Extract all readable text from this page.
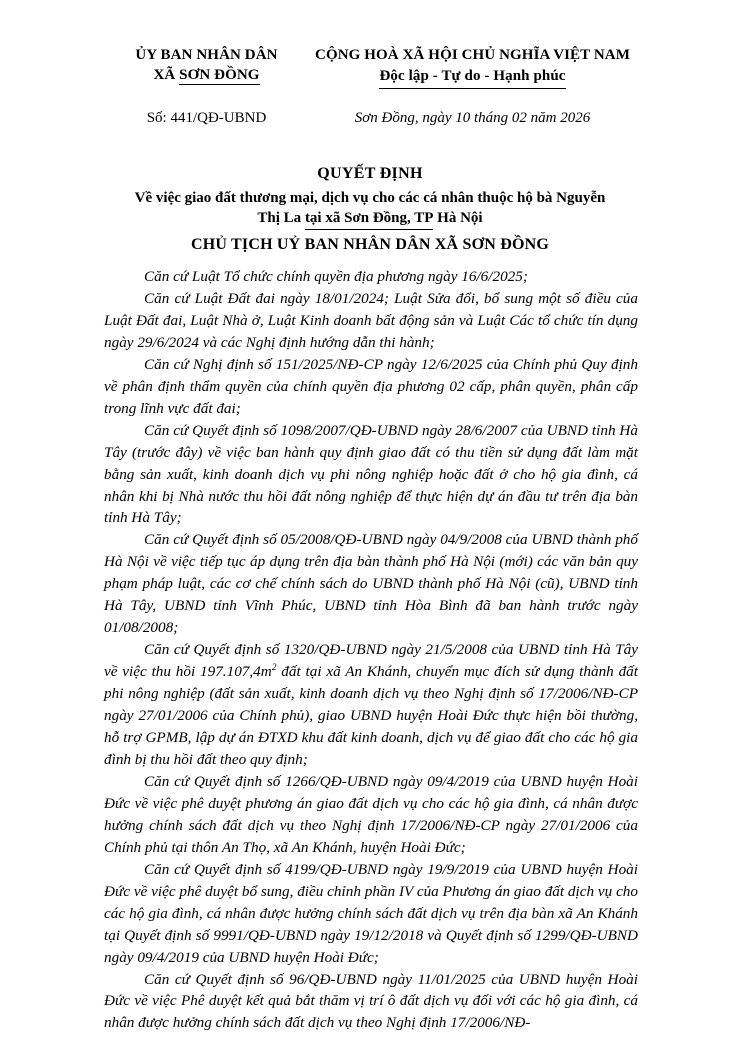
ỦY BAN NHÂN DÂN
XÃ SƠN ĐỒNG
CỘNG HOÀ XÃ HỘI CHỦ NGHĨA VIỆT NAM
Độc lập - Tự do - Hạnh phúc
Số: 441/QĐ-UBND	Sơn Đồng, ngày 10 tháng 02 năm 2026
QUYẾT ĐỊNH
Về việc giao đất thương mại, dịch vụ cho các cá nhân thuộc hộ bà Nguyễn
Thị La tại xã Sơn Đồng, TP Hà Nội
CHỦ TỊCH UỶ BAN NHÂN DÂN XÃ SƠN ĐỒNG

Căn cứ Luật Tổ chức chính quyền địa phương ngày 16/6/2025;

Căn cứ Luật Đất đai ngày 18/01/2024; Luật Sửa đổi, bổ sung một số điều của Luật Đất đai, Luật Nhà ở, Luật Kinh doanh bất động sản và Luật Các tổ chức tín dụng ngày 29/6/2024 và các Nghị định hướng dẫn thi hành;

Căn cứ Nghị định số 151/2025/NĐ-CP ngày 12/6/2025 của Chính phủ Quy định về phân định thẩm quyền của chính quyền địa phương 02 cấp, phân quyền, phân cấp trong lĩnh vực đất đai;

Căn cứ Quyết định số 1098/2007/QĐ-UBND ngày 28/6/2007 của UBND tỉnh Hà Tây (trước đây) về việc ban hành quy định giao đất có thu tiền sử dụng đất làm mặt bằng sản xuất, kinh doanh dịch vụ phi nông nghiệp hoặc đất ở cho hộ gia đình, cá nhân khi bị Nhà nước thu hồi đất nông nghiệp để thực hiện dự án đầu tư trên địa bàn tỉnh Hà Tây;

Căn cứ Quyết định số 05/2008/QĐ-UBND ngày 04/9/2008 của UBND thành phố Hà Nội về việc tiếp tục áp dụng trên địa bàn thành phố Hà Nội (mới) các văn bản quy phạm pháp luật, các cơ chế chính sách do UBND thành phố Hà Nội (cũ), UBND tỉnh Hà Tây, UBND tỉnh Vĩnh Phúc, UBND tỉnh Hòa Bình đã ban hành trước ngày 01/08/2008;

Căn cứ Quyết định số 1320/QĐ-UBND ngày 21/5/2008 của UBND tỉnh Hà Tây về việc thu hồi $197.107,4m^2$ đất tại xã An Khánh, chuyển mục đích sử dụng thành đất phi nông nghiệp (đất sản xuất, kinh doanh dịch vụ theo Nghị định số 17/2006/NĐ-CP ngày 27/01/2006 của Chính phủ), giao UBND huyện Hoài Đức thực hiện bồi thường, hỗ trợ GPMB, lập dự án ĐTXD khu đất kinh doanh, dịch vụ để giao đất cho các hộ gia đình bị thu hồi đất theo quy định;

Căn cứ Quyết định số 1266/QĐ-UBND ngày 09/4/2019 của UBND huyện Hoài Đức về việc phê duyệt phương án giao đất dịch vụ cho các hộ gia đình, cá nhân được hưởng chính sách đất dịch vụ theo Nghị định 17/2006/NĐ-CP ngày 27/01/2006 của Chính phủ tại thôn An Thọ, xã An Khánh, huyện Hoài Đức;

Căn cứ Quyết định số 4199/QĐ-UBND ngày 19/9/2019 của UBND huyện Hoài Đức về việc phê duyệt bổ sung, điều chỉnh phần IV của Phương án giao đất dịch vụ cho các hộ gia đình, cá nhân được hưởng chính sách đất dịch vụ trên địa bàn xã An Khánh tại Quyết định số 9991/QĐ-UBND ngày 19/12/2018 và Quyết định số 1299/QĐ-UBND ngày 09/4/2019 của UBND huyện Hoài Đức;

Căn cứ Quyết định số 96/QĐ-UBND ngày 11/01/2025 của UBND huyện Hoài Đức về việc Phê duyệt kết quả bắt thăm vị trí ô đất dịch vụ đối với các hộ gia đình, cá nhân được hưởng chính sách đất dịch vụ theo Nghị định 17/2006/NĐ-
